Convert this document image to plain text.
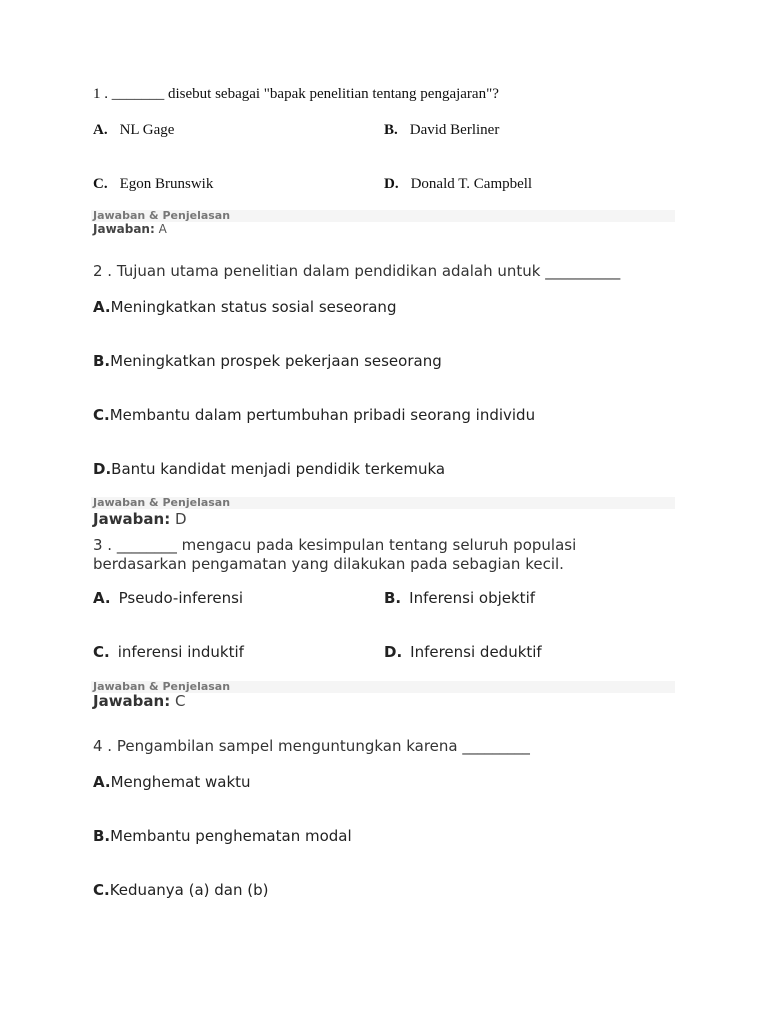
1 . _______ disebut sebagai "bapak penelitian tentang pengajaran"?
A. NL Gage	B. David Berliner
C. Egon Brunswik	D. Donald T. Campbell
Jawaban & Penjelasan
Jawaban: A
2 . Tujuan utama penelitian dalam pendidikan adalah untuk __________
A.Meningkatkan status sosial seseorang
B.Meningkatkan prospek pekerjaan seseorang
C.Membantu dalam pertumbuhan pribadi seorang individu
D.Bantu kandidat menjadi pendidik terkemuka
Jawaban & Penjelasan
Jawaban: D
3 . ________ mengacu pada kesimpulan tentang seluruh populasi berdasarkan pengamatan yang dilakukan pada sebagian kecil.
A. Pseudo-inferensi	B. Inferensi objektif
C. inferensi induktif	D. Inferensi deduktif
Jawaban & Penjelasan
Jawaban: C
4 . Pengambilan sampel menguntungkan karena _________
A.Menghemat waktu
B.Membantu penghematan modal
C.Keduanya (a) dan (b)
